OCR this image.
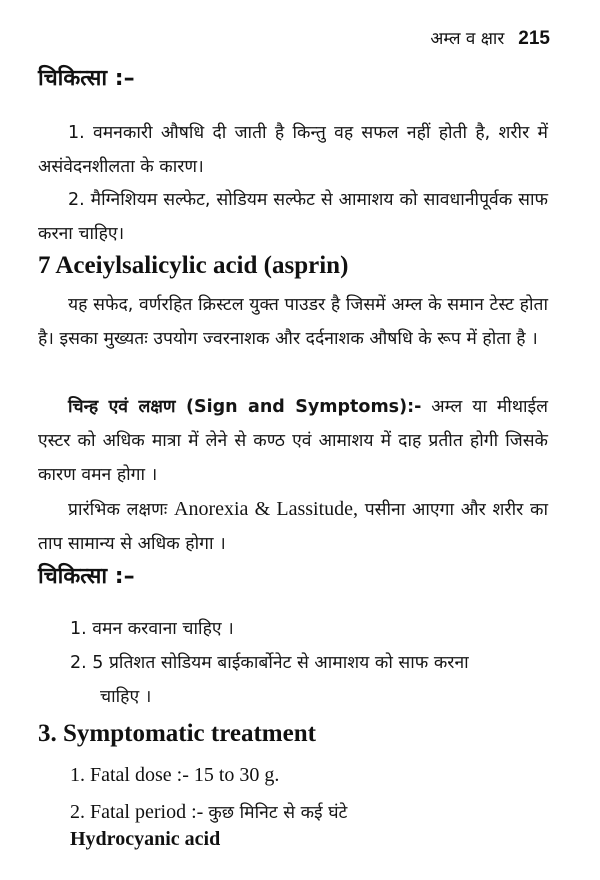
अम्ल व क्षार 215
चिकित्सा :–
1. वमनकारी औषधि दी जाती है किन्तु वह सफल नहीं होती है, शरीर में असंवेदनशीलता के कारण।
2. मैग्निशियम सल्फेट, सोडियम सल्फेट से आमाशय को सावधानीपूर्वक साफ करना चाहिए।
7 Aceiylsalicylic acid (asprin)
यह सफेद, वर्णरहित क्रिस्टल युक्त पाउडर है जिसमें अम्ल के समान टेस्ट होता है। इसका मुख्यतः उपयोग ज्वरनाशक और दर्दनाशक औषधि के रूप में होता है ।
चिन्ह एवं लक्षण (Sign and Symptoms):- अम्ल या मीथाईल एस्टर को अधिक मात्रा में लेने से कण्ठ एवं आमाशय में दाह प्रतीत होगी जिसके कारण वमन होगा ।
प्रारंभिक लक्षणः Anorexia & Lassitude, पसीना आएगा और शरीर का ताप सामान्य से अधिक होगा ।
चिकित्सा :–
1. वमन करवाना चाहिए ।
2. 5 प्रतिशत सोडियम बाईकार्बोनेट से आमाशय को साफ करना
चाहिए ।
3. Symptomatic treatment
1. Fatal dose :- 15 to 30 g.
2. Fatal period :- कुछ मिनिट से कई घंटे
Hydrocyanic acid
